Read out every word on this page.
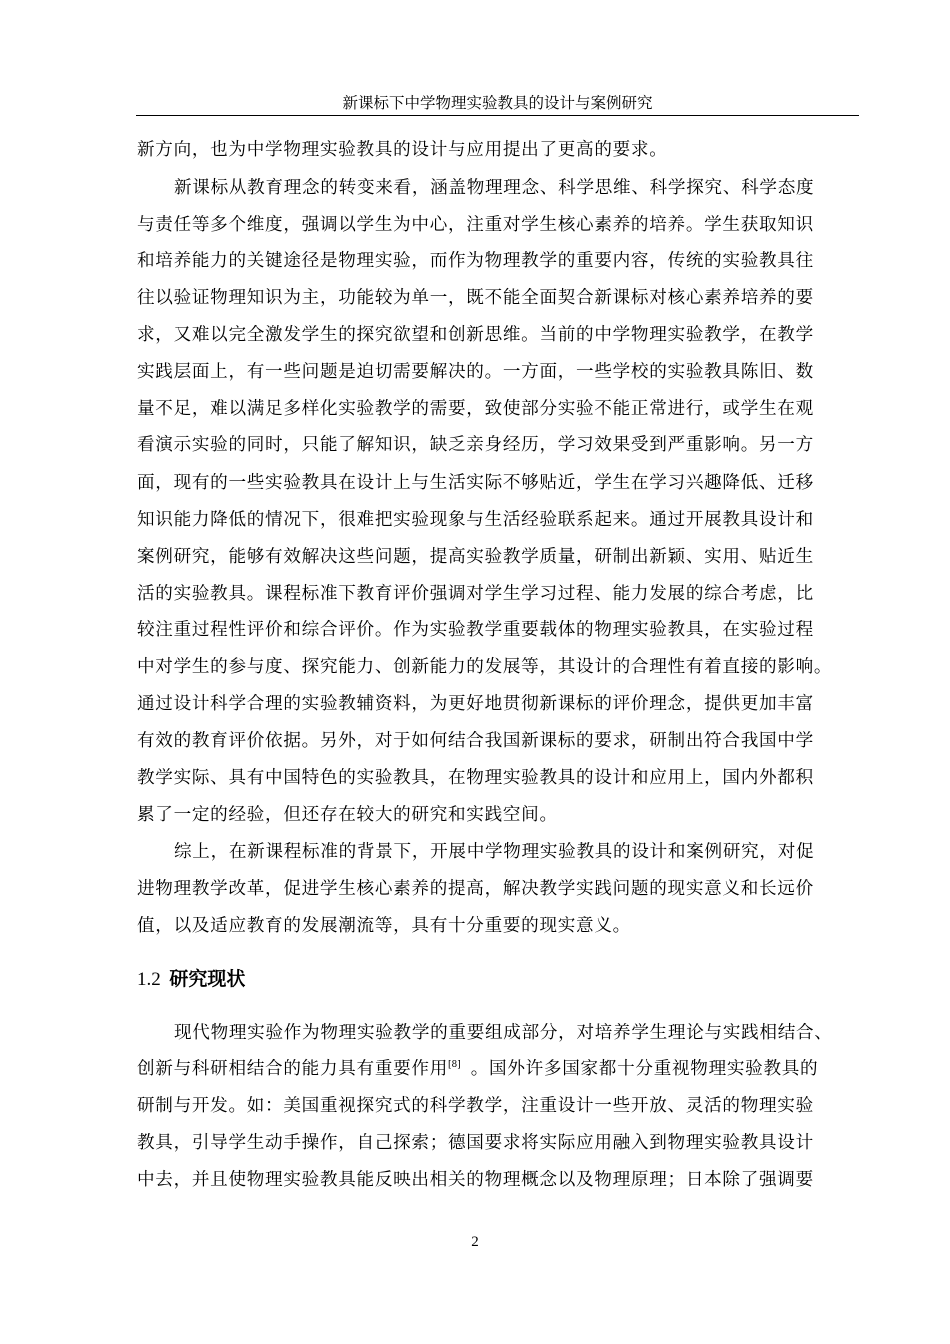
新课标下中学物理实验教具的设计与案例研究
新方向，也为中学物理实验教具的设计与应用提出了更高的要求。
新课标从教育理念的转变来看，涵盖物理理念、科学思维、科学探究、科学态度
与责任等多个维度，强调以学生为中心，注重对学生核心素养的培养。学生获取知识
和培养能力的关键途径是物理实验，而作为物理教学的重要内容，传统的实验教具往
往以验证物理知识为主，功能较为单一，既不能全面契合新课标对核心素养培养的要
求，又难以完全激发学生的探究欲望和创新思维。当前的中学物理实验教学，在教学
实践层面上，有一些问题是迫切需要解决的。一方面，一些学校的实验教具陈旧、数
量不足，难以满足多样化实验教学的需要，致使部分实验不能正常进行，或学生在观
看演示实验的同时，只能了解知识，缺乏亲身经历，学习效果受到严重影响。另一方
面，现有的一些实验教具在设计上与生活实际不够贴近，学生在学习兴趣降低、迁移
知识能力降低的情况下，很难把实验现象与生活经验联系起来。通过开展教具设计和
案例研究，能够有效解决这些问题，提高实验教学质量，研制出新颖、实用、贴近生
活的实验教具。课程标准下教育评价强调对学生学习过程、能力发展的综合考虑，比
较注重过程性评价和综合评价。作为实验教学重要载体的物理实验教具，在实验过程
中对学生的参与度、探究能力、创新能力的发展等，其设计的合理性有着直接的影响。
通过设计科学合理的实验教辅资料，为更好地贯彻新课标的评价理念，提供更加丰富
有效的教育评价依据。另外，对于如何结合我国新课标的要求，研制出符合我国中学
教学实际、具有中国特色的实验教具，在物理实验教具的设计和应用上，国内外都积
累了一定的经验，但还存在较大的研究和实践空间。
综上，在新课程标准的背景下，开展中学物理实验教具的设计和案例研究，对促
进物理教学改革，促进学生核心素养的提高，解决教学实践问题的现实意义和长远价
值，以及适应教育的发展潮流等，具有十分重要的现实意义。
1.2 研究现状
现代物理实验作为物理实验教学的重要组成部分，对培养学生理论与实践相结合、
创新与科研相结合的能力具有重要作用[8] 。国外许多国家都十分重视物理实验教具的
研制与开发。如：美国重视探究式的科学教学，注重设计一些开放、灵活的物理实验
教具，引导学生动手操作，自己探索；德国要求将实际应用融入到物理实验教具设计
中去，并且使物理实验教具能反映出相关的物理概念以及物理原理；日本除了强调要
2
